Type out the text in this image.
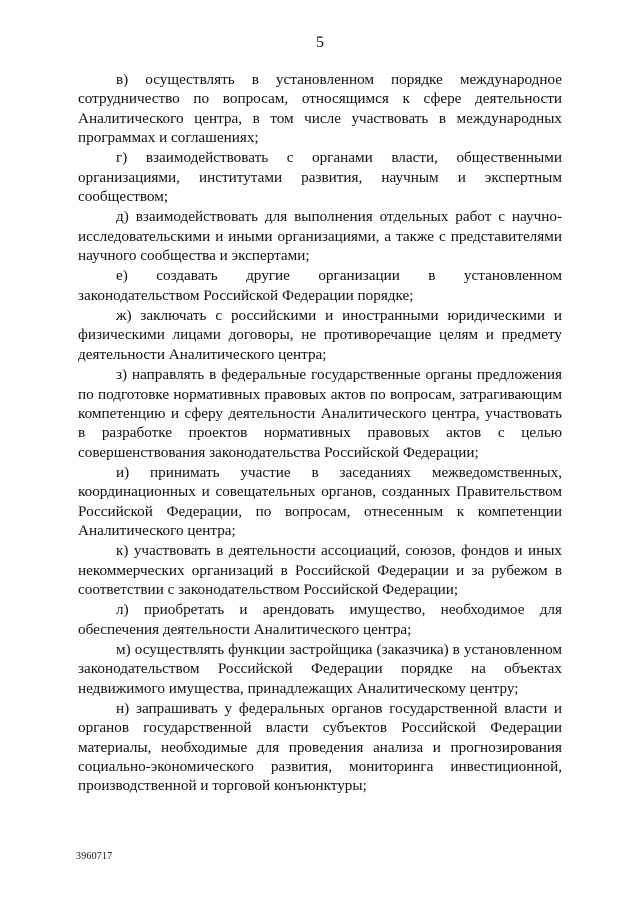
5

в) осуществлять в установленном порядке международное сотрудничество по вопросам, относящимся к сфере деятельности Аналитического центра, в том числе участвовать в международных программах и соглашениях;

г) взаимодействовать с органами власти, общественными организациями, институтами развития, научным и экспертным сообществом;

д) взаимодействовать для выполнения отдельных работ с научно-исследовательскими и иными организациями, а также с представителями научного сообщества и экспертами;

е) создавать другие организации в установленном законодательством Российской Федерации порядке;

ж) заключать с российскими и иностранными юридическими и физическими лицами договоры, не противоречащие целям и предмету деятельности Аналитического центра;

з) направлять в федеральные государственные органы предложения по подготовке нормативных правовых актов по вопросам, затрагивающим компетенцию и сферу деятельности Аналитического центра, участвовать в разработке проектов нормативных правовых актов с целью совершенствования законодательства Российской Федерации;

и) принимать участие в заседаниях межведомственных, координационных и совещательных органов, созданных Правительством Российской Федерации, по вопросам, отнесенным к компетенции Аналитического центра;

к) участвовать в деятельности ассоциаций, союзов, фондов и иных некоммерческих организаций в Российской Федерации и за рубежом в соответствии с законодательством Российской Федерации;

л) приобретать и арендовать имущество, необходимое для обеспечения деятельности Аналитического центра;

м) осуществлять функции застройщика (заказчика) в установленном законодательством Российской Федерации порядке на объектах недвижимого имущества, принадлежащих Аналитическому центру;

н) запрашивать у федеральных органов государственной власти и органов государственной власти субъектов Российской Федерации материалы, необходимые для проведения анализа и прогнозирования социально-экономического развития, мониторинга инвестиционной, производственной и торговой конъюнктуры;

3960717
